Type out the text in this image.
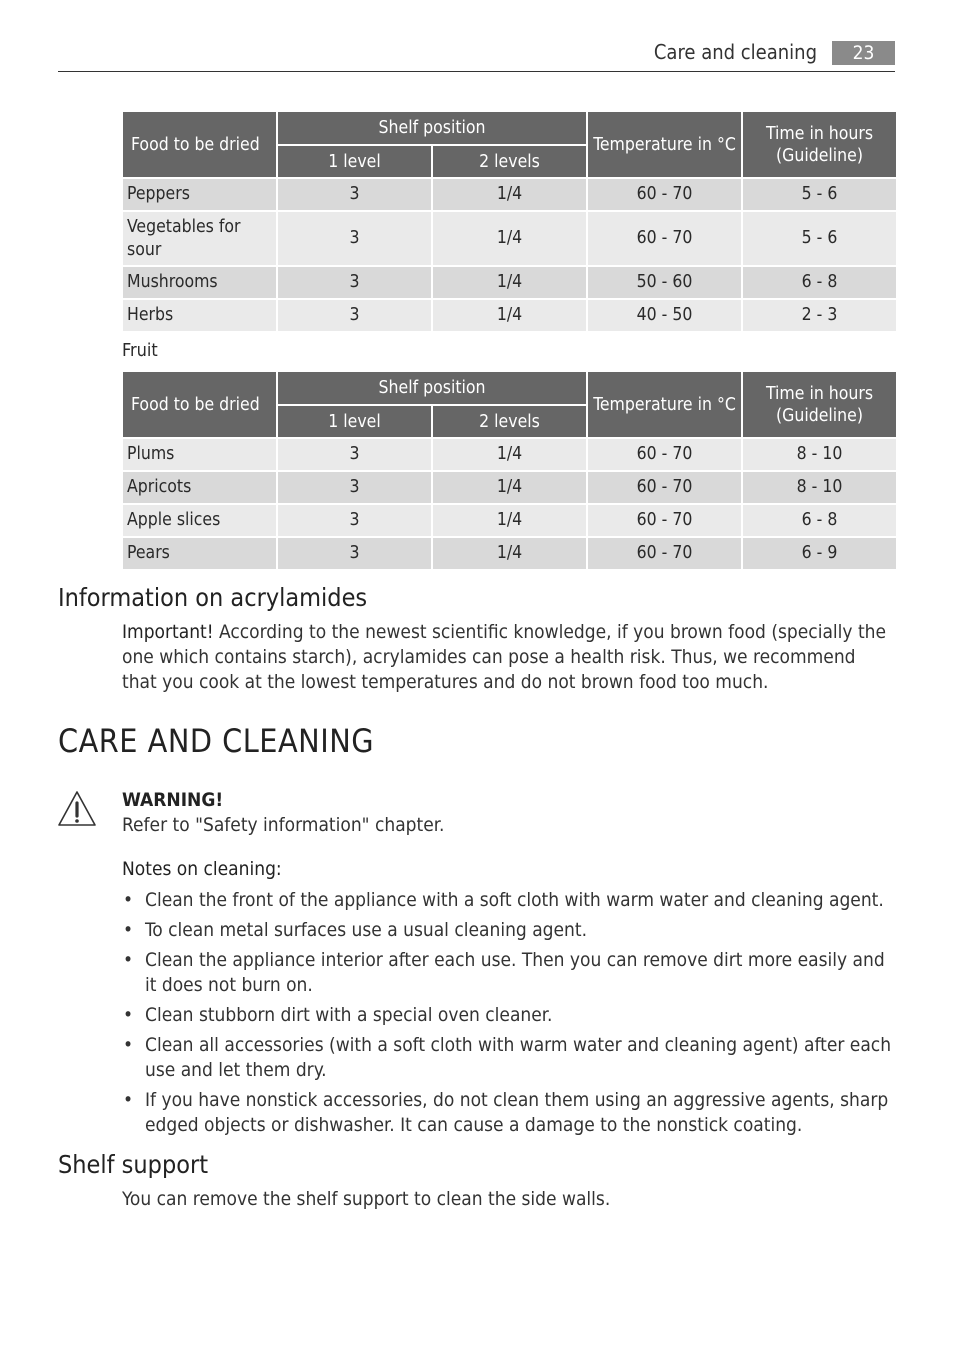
Care and cleaning	23
Food to be dried	Shelf position		Temperature in °C	Time in hours (Guideline)
	1 level	2 levels		
Peppers	3	1/4	60 - 70	5 - 6
Vegetables for sour	3	1/4	60 - 70	5 - 6
Mushrooms	3	1/4	50 - 60	6 - 8
Herbs	3	1/4	40 - 50	2 - 3
Fruit
Food to be dried	Shelf position		Temperature in °C	Time in hours (Guideline)
	1 level	2 levels		
Plums	3	1/4	60 - 70	8 - 10
Apricots	3	1/4	60 - 70	8 - 10
Apple slices	3	1/4	60 - 70	6 - 8
Pears	3	1/4	60 - 70	6 - 9
Information on acrylamides
Important! According to the newest scientific knowledge, if you brown food (specially the one which contains starch), acrylamides can pose a health risk. Thus, we recommend that you cook at the lowest temperatures and do not brown food too much.
CARE AND CLEANING
WARNING!
Refer to "Safety information" chapter.
Notes on cleaning:
• Clean the front of the appliance with a soft cloth with warm water and cleaning agent.
• To clean metal surfaces use a usual cleaning agent.
• Clean the appliance interior after each use. Then you can remove dirt more easily and it does not burn on.
• Clean stubborn dirt with a special oven cleaner.
• Clean all accessories (with a soft cloth with warm water and cleaning agent) after each use and let them dry.
• If you have nonstick accessories, do not clean them using an aggressive agents, sharp edged objects or dishwasher. It can cause a damage to the nonstick coating.
Shelf support
You can remove the shelf support to clean the side walls.
